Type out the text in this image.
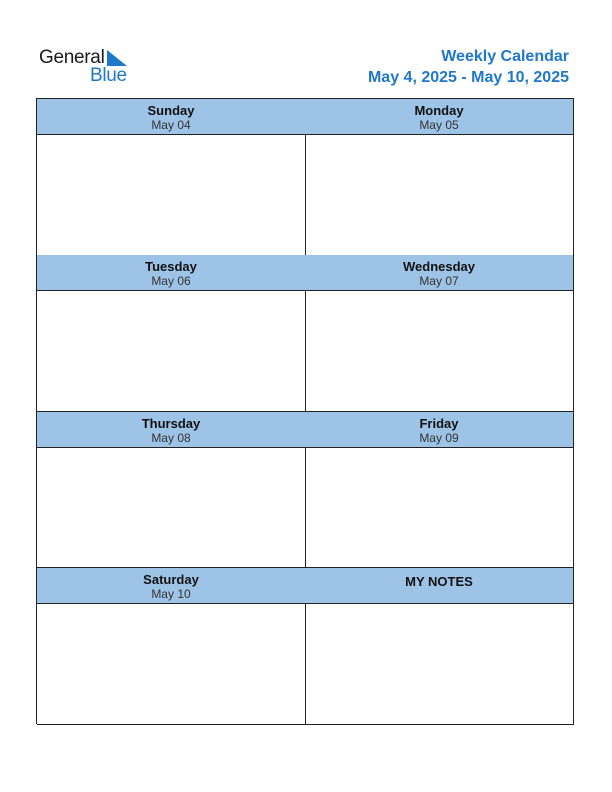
General
Blue
Weekly Calendar
May 4, 2025 - May 10, 2025
Sunday
May 04
Monday
May 05
Tuesday
May 06
Wednesday
May 07
Thursday
May 08
Friday
May 09
Saturday
May 10
MY NOTES
